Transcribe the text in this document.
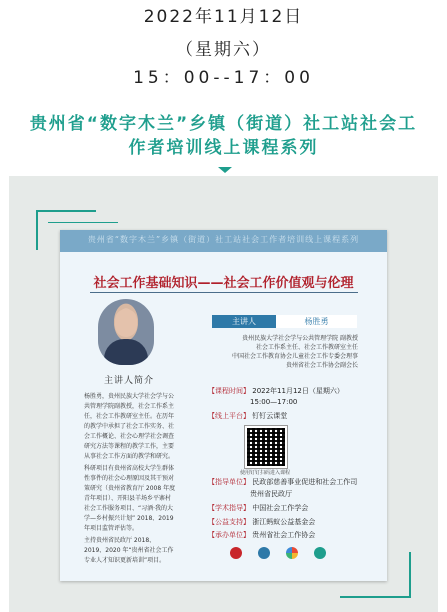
2022年11月12日
（星期六）
15：00--17：00
贵州省“数字木兰”乡镇（街道）社工站社会工
作者培训线上课程系列
贵州省“数字木兰”乡镇（街道）社工站社会工作者培训线上课程系列
社会工作基础知识——社会工作价值观与伦理
主讲人简介

杨胜勇，贵州民族大学社会学与公共管理学院副教授，社会工作系主任，社会工作教研室主任。在历年的教学中承担了社会工作实务、社会工作概论、社会心理学社会调查研究方法等课程的教学工作，主要从事社会工作方面的教学和研究。

科研项目有贵州省高校大学生群体性事件的社会心理原因及其干预对策研究（贵州省教育厅 2008 年度青年项目）、开阳县羊场乡平寨村社会工作服务项目、“习酒·我的大学—乡村振兴计划” 2018、2019 年项目监管评估等。

主持贵州省民政厅 2018、2019、2020 年“贵州省社会工作专业人才知识更新培训”项目。

主讲人	杨胜勇
贵州民族大学社会学与公共管理学院 副教授
社会工作系主任、社会工作教研室主任
中国社会工作教育协会儿童社会工作专委会理事
贵州省社会工作协会副会长
【课程时间】 2022年11月12日（星期六）
15:00—17:00
【线上平台】 钉钉云课堂
使用钉钉扫码进入课程
【指导单位】 民政部慈善事业促进和社会工作司
贵州省民政厅
【学术指导】 中国社会工作学会
【公益支持】 浙江蚂蚁公益基金会
【承办单位】 贵州省社会工作协会
